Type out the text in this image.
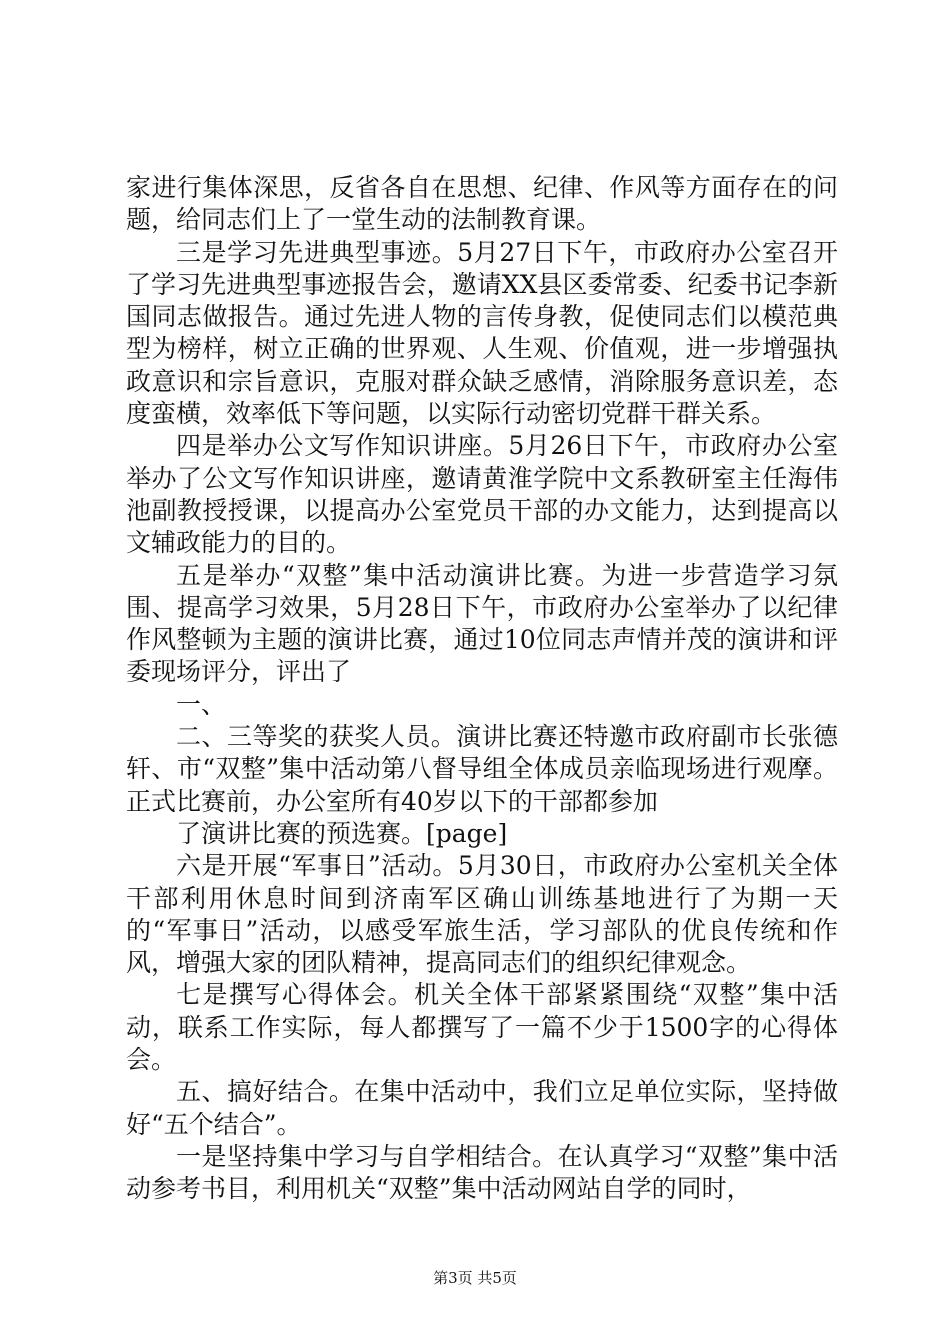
家进行集体深思，反省各自在思想、纪律、作风等方面存在的问题，给同志们上了一堂生动的法制教育课。

三是学习先进典型事迹。5月27日下午，市政府办公室召开了学习先进典型事迹报告会，邀请XX县区委常委、纪委书记李新国同志做报告。通过先进人物的言传身教，促使同志们以模范典型为榜样，树立正确的世界观、人生观、价值观，进一步增强执政意识和宗旨意识，克服对群众缺乏感情，消除服务意识差，态度蛮横，效率低下等问题，以实际行动密切党群干群关系。

四是举办公文写作知识讲座。5月26日下午，市政府办公室举办了公文写作知识讲座，邀请黄淮学院中文系教研室主任海伟池副教授授课，以提高办公室党员干部的办文能力，达到提高以文辅政能力的目的。

五是举办“双整”集中活动演讲比赛。为进一步营造学习氛围、提高学习效果，5月28日下午，市政府办公室举办了以纪律作风整顿为主题的演讲比赛，通过10位同志声情并茂的演讲和评委现场评分，评出了

一、

二、三等奖的获奖人员。演讲比赛还特邀市政府副市长张德轩、市“双整”集中活动第八督导组全体成员亲临现场进行观摩。正式比赛前，办公室所有40岁以下的干部都参加

了演讲比赛的预选赛。[page]

六是开展“军事日”活动。5月30日，市政府办公室机关全体干部利用休息时间到济南军区确山训练基地进行了为期一天的“军事日”活动，以感受军旅生活，学习部队的优良传统和作风，增强大家的团队精神，提高同志们的组织纪律观念。

七是撰写心得体会。机关全体干部紧紧围绕“双整”集中活动，联系工作实际，每人都撰写了一篇不少于1500字的心得体会。

五、搞好结合。在集中活动中，我们立足单位实际，坚持做好“五个结合”。

一是坚持集中学习与自学相结合。在认真学习“双整”集中活动参考书目，利用机关“双整”集中活动网站自学的同时，

第3页 共5页
